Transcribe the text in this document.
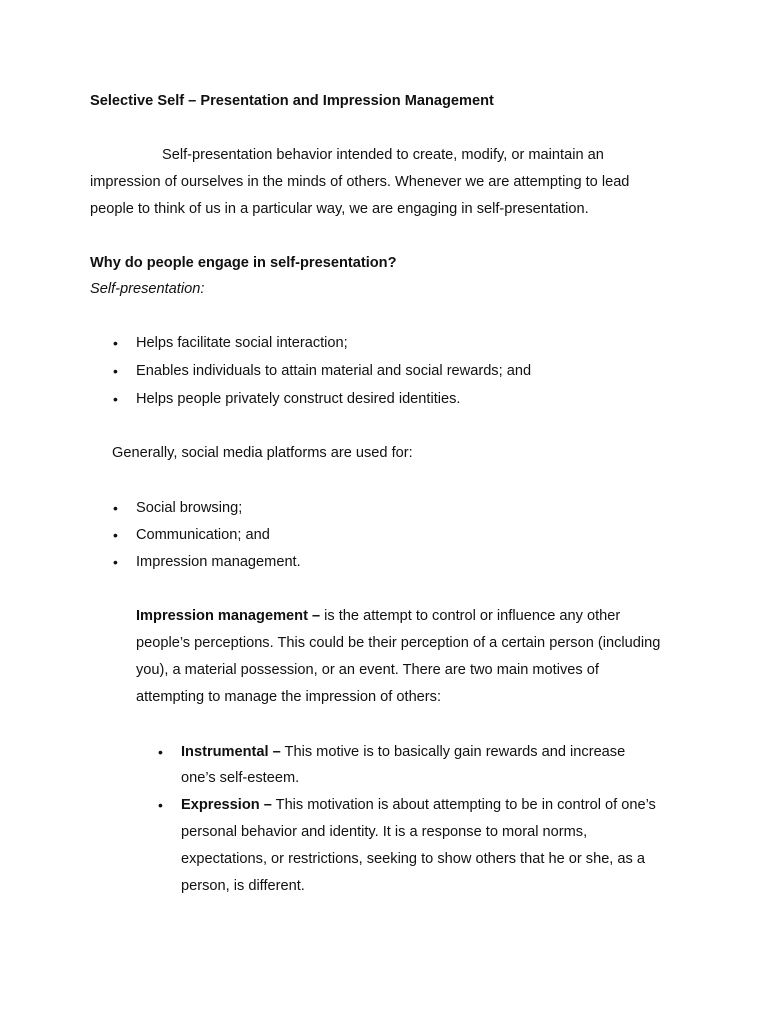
Selective Self – Presentation and Impression Management
Self-presentation behavior intended to create, modify, or maintain an
impression of ourselves in the minds of others. Whenever we are attempting to lead
people to think of us in a particular way, we are engaging in self-presentation.
Why do people engage in self-presentation?
Self-presentation:
• Helps facilitate social interaction;
• Enables individuals to attain material and social rewards; and
• Helps people privately construct desired identities.
Generally, social media platforms are used for:
• Social browsing;
• Communication; and
• Impression management.
Impression management – is the attempt to control or influence any other
people’s perceptions. This could be their perception of a certain person (including
you), a material possession, or an event. There are two main motives of
attempting to manage the impression of others:
• Instrumental – This motive is to basically gain rewards and increase
one’s self-esteem.
• Expression – This motivation is about attempting to be in control of one’s
personal behavior and identity. It is a response to moral norms,
expectations, or restrictions, seeking to show others that he or she, as a
person, is different.
